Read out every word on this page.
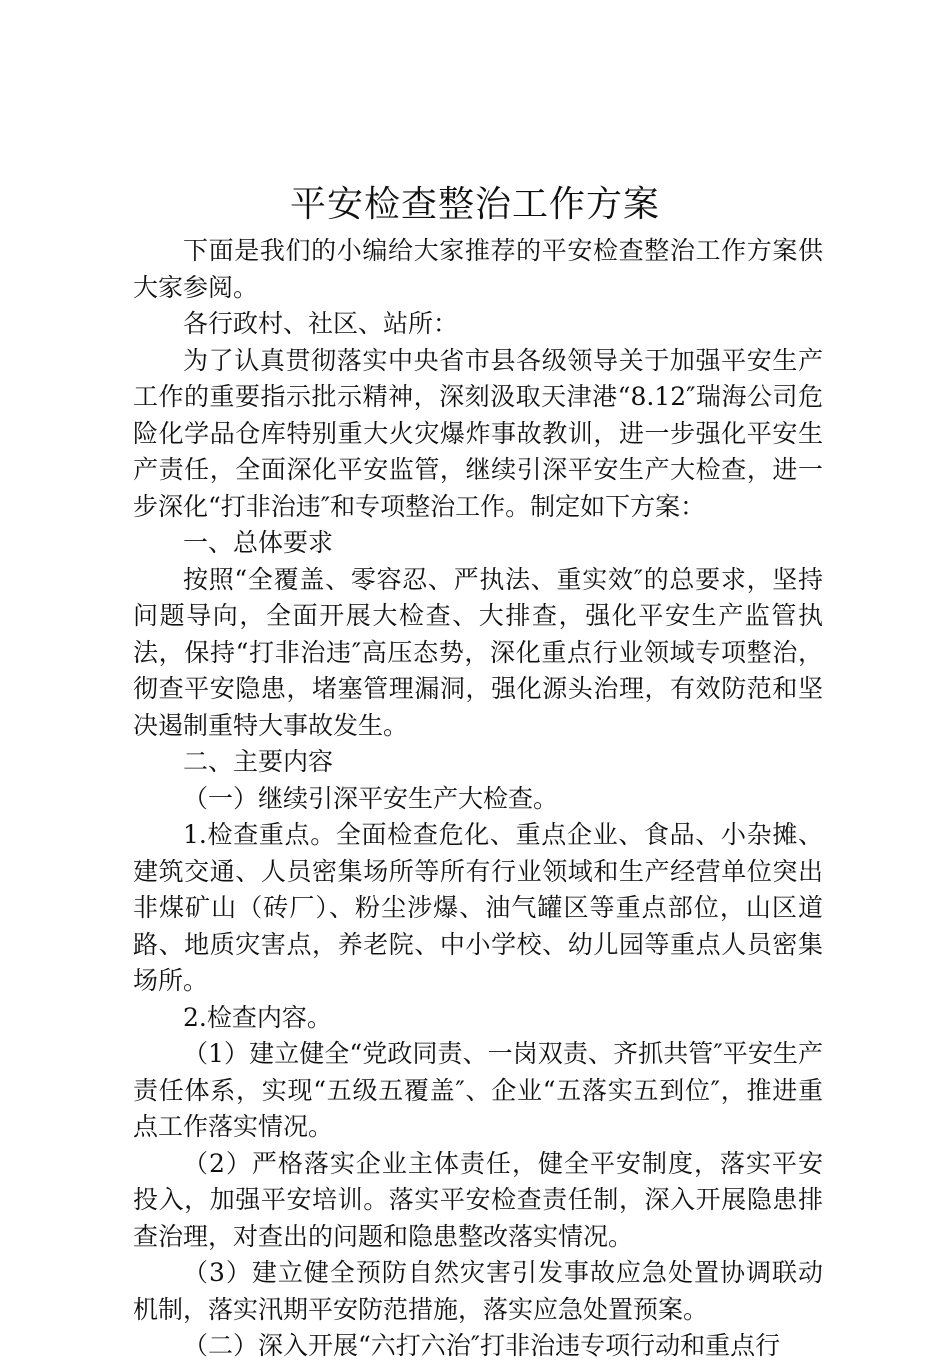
平安检查整治工作方案

下面是我们的小编给大家推荐的平安检查整治工作方案供大家参阅。

各行政村、社区、站所：

为了认真贯彻落实中央省市县各级领导关于加强平安生产工作的重要指示批示精神，深刻汲取天津港“8.12″瑞海公司危险化学品仓库特别重大火灾爆炸事故教训，进一步强化平安生产责任，全面深化平安监管，继续引深平安生产大检查，进一步深化“打非治违″和专项整治工作。制定如下方案：

一、总体要求

按照“全覆盖、零容忍、严执法、重实效″的总要求，坚持问题导向，全面开展大检查、大排查，强化平安生产监管执法，保持“打非治违″高压态势，深化重点行业领域专项整治，彻查平安隐患，堵塞管理漏洞，强化源头治理，有效防范和坚决遏制重特大事故发生。

二、主要内容

（一）继续引深平安生产大检查。

1.检查重点。全面检查危化、重点企业、食品、小杂摊、建筑交通、人员密集场所等所有行业领域和生产经营单位突出非煤矿山（砖厂）、粉尘涉爆、油气罐区等重点部位，山区道路、地质灾害点，养老院、中小学校、幼儿园等重点人员密集场所。

2.检查内容。

（1）建立健全“党政同责、一岗双责、齐抓共管″平安生产责任体系，实现“五级五覆盖″、企业“五落实五到位″，推进重点工作落实情况。

（2）严格落实企业主体责任，健全平安制度，落实平安投入，加强平安培训。落实平安检查责任制，深入开展隐患排查治理，对查出的问题和隐患整改落实情况。

（3）建立健全预防自然灾害引发事故应急处置协调联动机制，落实汛期平安防范措施，落实应急处置预案。

（二）深入开展“六打六治″打非治违专项行动和重点行
